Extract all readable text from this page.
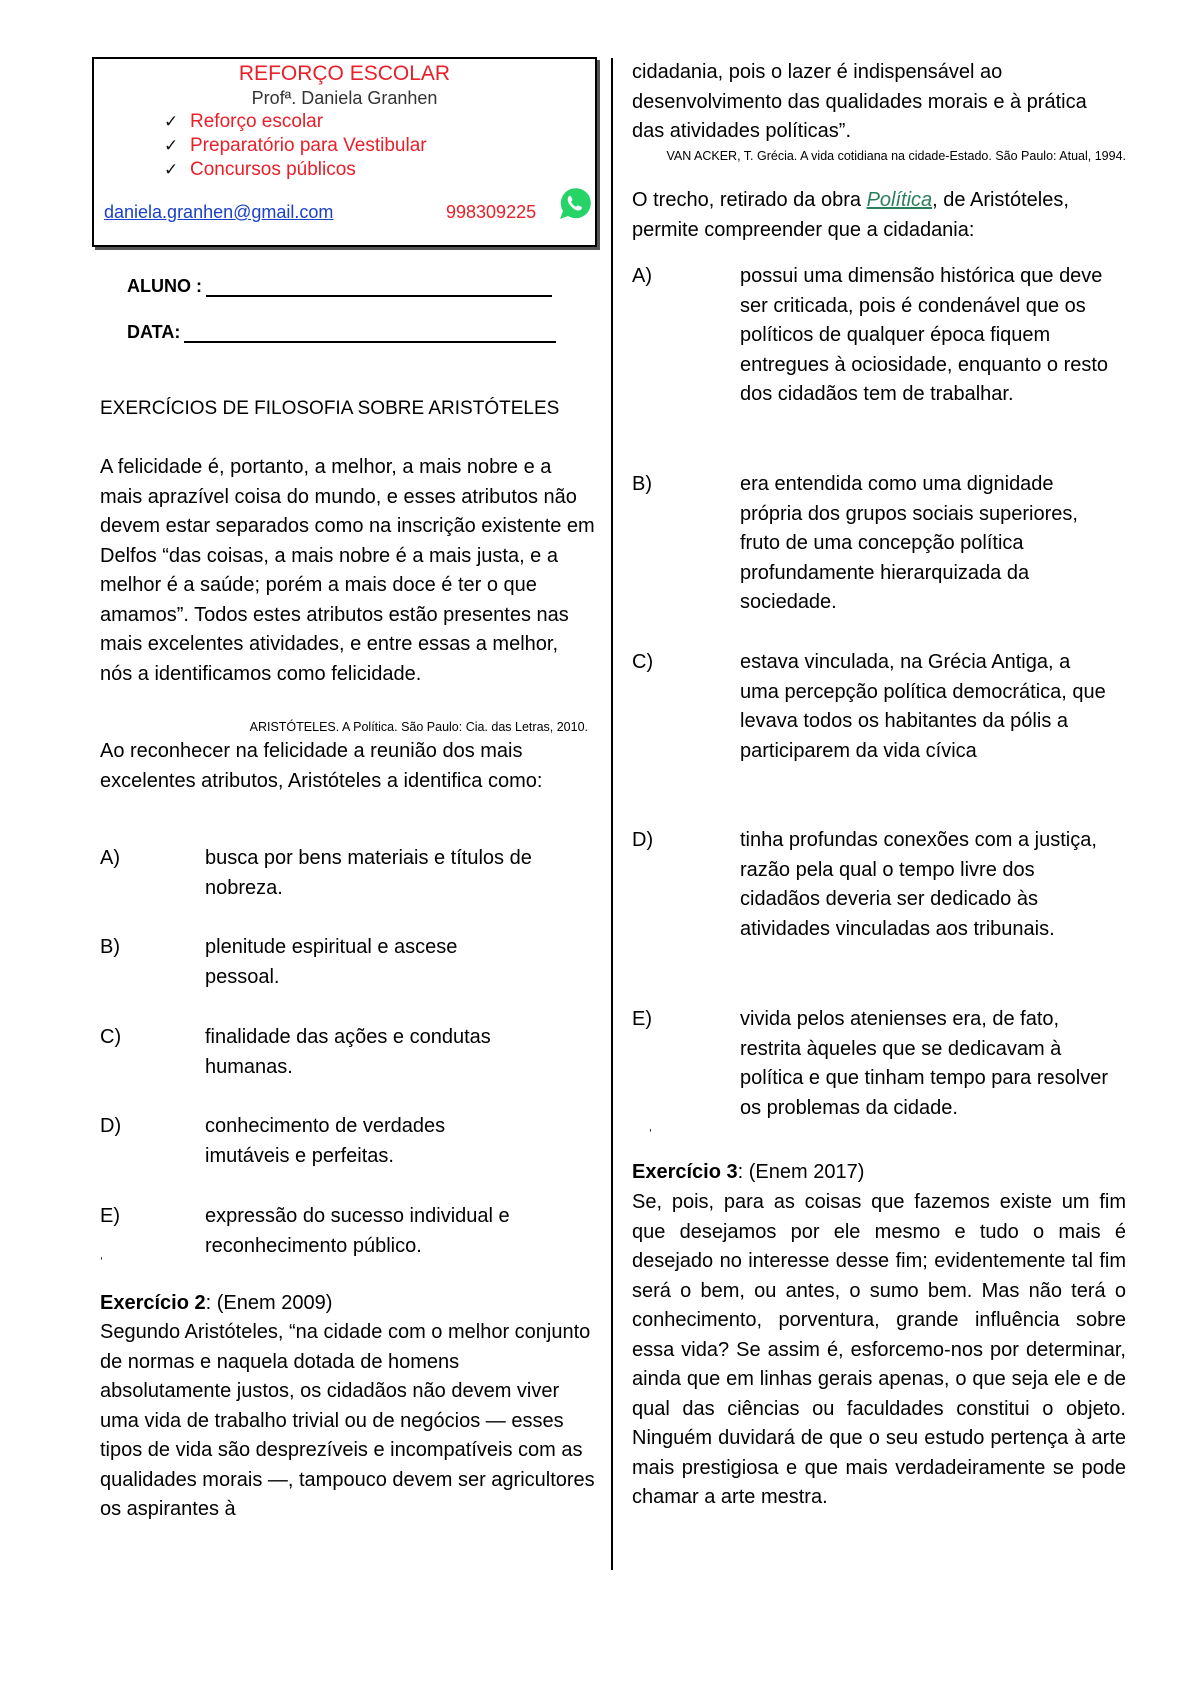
REFORÇO ESCOLAR
Profª. Daniela Granhen
✓ Reforço escolar
✓ Preparatório para Vestibular
✓ Concursos públicos
daniela.granhen@gmail.com	998309225
ALUNO :
DATA:
EXERCÍCIOS DE FILOSOFIA SOBRE ARISTÓTELES
A felicidade é, portanto, a melhor, a mais nobre e a mais aprazível coisa do mundo, e esses atributos não devem estar separados como na inscrição existente em Delfos “das coisas, a mais nobre é a mais justa, e a melhor é a saúde; porém a mais doce é ter o que amamos”. Todos estes atributos estão presentes nas mais excelentes atividades, e entre essas a melhor, nós a identificamos como felicidade.
ARISTÓTELES. A Política. São Paulo: Cia. das Letras, 2010.
Ao reconhecer na felicidade a reunião dos mais excelentes atributos, Aristóteles a identifica como:
A)	busca por bens materiais e títulos de nobreza.
B)	plenitude espiritual e ascese pessoal.
C)	finalidade das ações e condutas humanas.
D)	conhecimento de verdades imutáveis e perfeitas.
E)	expressão do sucesso individual e reconhecimento público.
'
Exercício 2: (Enem 2009)
Segundo Aristóteles, “na cidade com o melhor conjunto de normas e naquela dotada de homens absolutamente justos, os cidadãos não devem viver uma vida de trabalho trivial ou de negócios — esses tipos de vida são desprezíveis e incompatíveis com as qualidades morais —, tampouco devem ser agricultores os aspirantes à
cidadania, pois o lazer é indispensável ao desenvolvimento das qualidades morais e à prática das atividades políticas”.
VAN ACKER, T. Grécia. A vida cotidiana na cidade-Estado. São Paulo: Atual, 1994.
O trecho, retirado da obra Política, de Aristóteles, permite compreender que a cidadania:
A)	possui uma dimensão histórica que deve ser criticada, pois é condenável que os políticos de qualquer época fiquem entregues à ociosidade, enquanto o resto dos cidadãos tem de trabalhar.
B)	era entendida como uma dignidade própria dos grupos sociais superiores, fruto de uma concepção política profundamente hierarquizada da sociedade.
C)	estava vinculada, na Grécia Antiga, a uma percepção política democrática, que levava todos os habitantes da pólis a participarem da vida cívica
D)	tinha profundas conexões com a justiça, razão pela qual o tempo livre dos cidadãos deveria ser dedicado às atividades vinculadas aos tribunais.
E)	vivida pelos atenienses era, de fato, restrita àqueles que se dedicavam à política e que tinham tempo para resolver os problemas da cidade.
'
Exercício 3: (Enem 2017)
Se, pois, para as coisas que fazemos existe um fim que desejamos por ele mesmo e tudo o mais é desejado no interesse desse fim; evidentemente tal fim será o bem, ou antes, o sumo bem. Mas não terá o conhecimento, porventura, grande influência sobre essa vida? Se assim é, esforcemo-nos por determinar, ainda que em linhas gerais apenas, o que seja ele e de qual das ciências ou faculdades constitui o objeto. Ninguém duvidará de que o seu estudo pertença à arte mais prestigiosa e que mais verdadeiramente se pode chamar a arte mestra.
